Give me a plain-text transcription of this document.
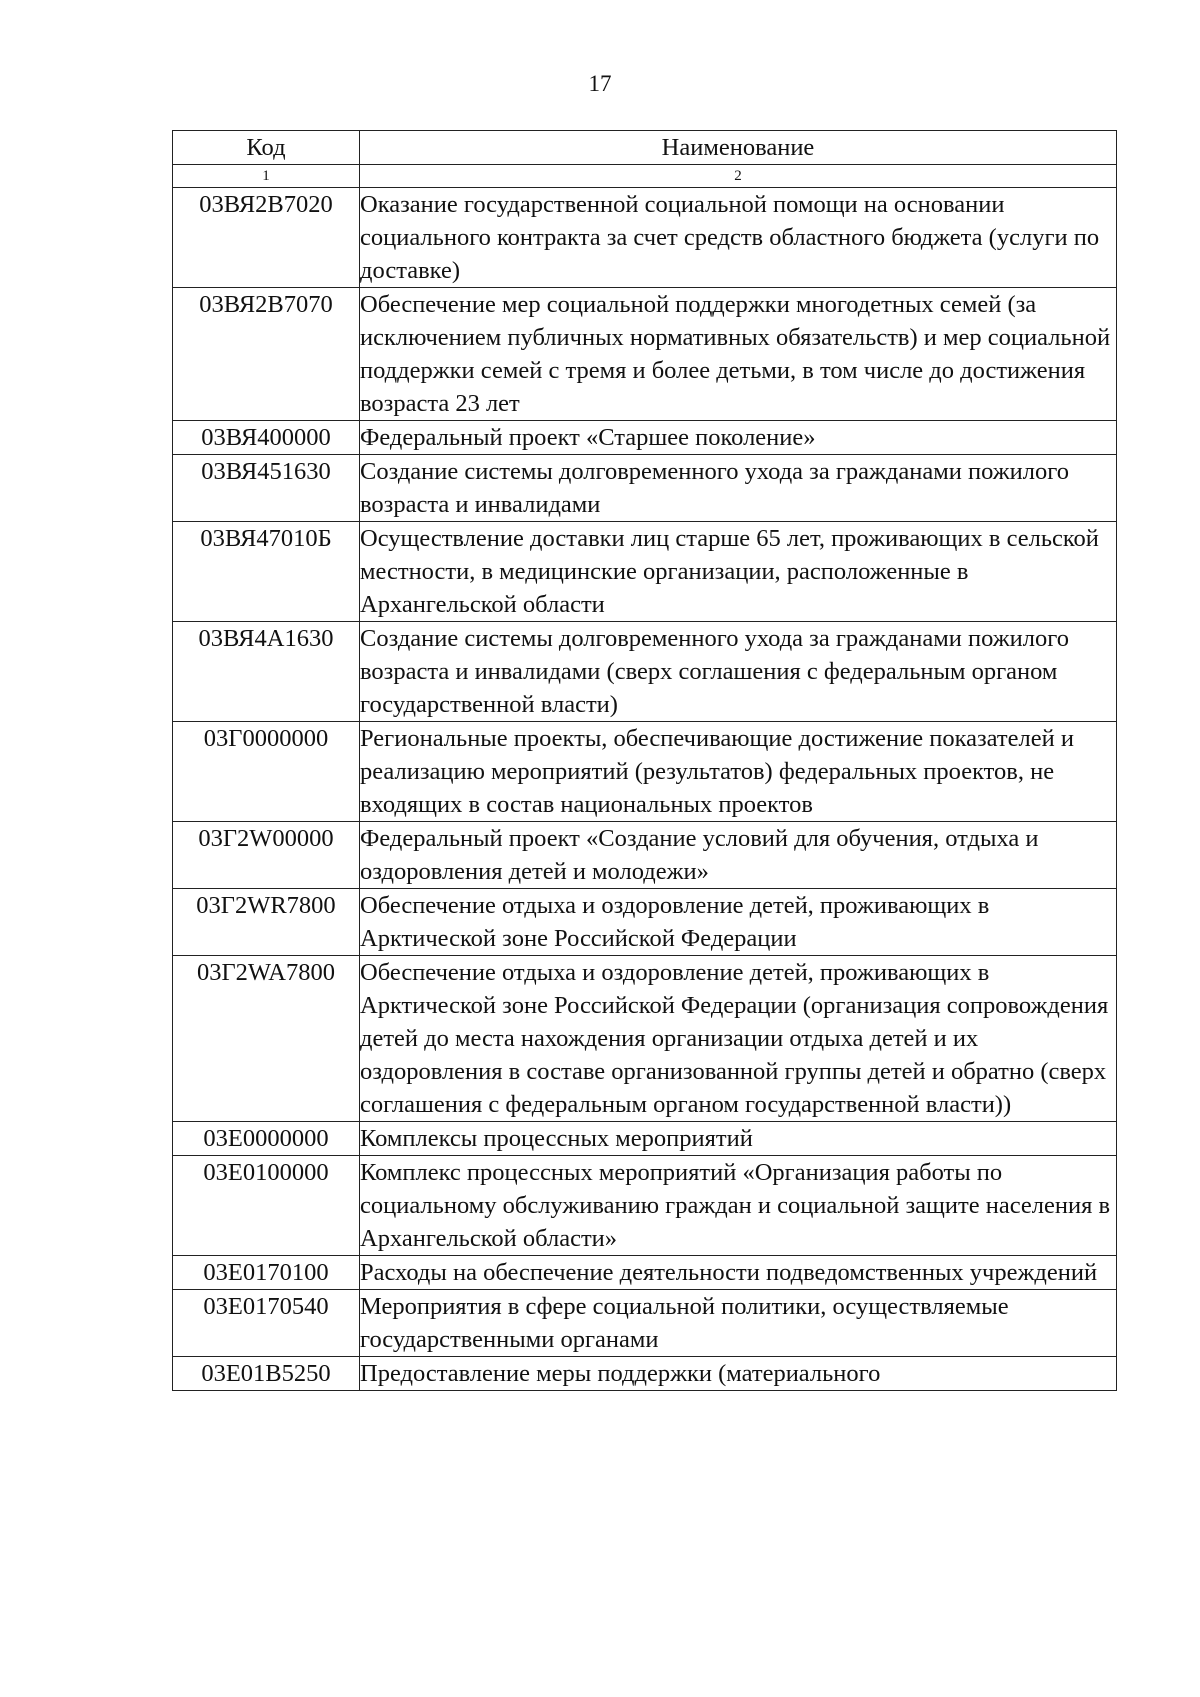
17
Код	Наименование
1	2
03ВЯ2В7020	Оказание государственной социальной помощи на основании социального контракта за счет средств областного бюджета (услуги по доставке)
03ВЯ2В7070	Обеспечение мер социальной поддержки многодетных семей (за исключением публичных нормативных обязательств) и мер социальной поддержки семей с тремя и более детьми, в том числе до достижения возраста 23 лет
03ВЯ400000	Федеральный проект «Старшее поколение»
03ВЯ451630	Создание системы долговременного ухода за гражданами пожилого возраста и инвалидами
03ВЯ47010Б	Осуществление доставки лиц старше 65 лет, проживающих в сельской местности, в медицинские организации, расположенные в Архангельской области
03ВЯ4А1630	Создание системы долговременного ухода за гражданами пожилого возраста и инвалидами (сверх соглашения с федеральным органом государственной власти)
03Г0000000	Региональные проекты, обеспечивающие достижение показателей и реализацию мероприятий (результатов) федеральных проектов, не входящих в состав национальных проектов
03Г2W00000	Федеральный проект «Создание условий для обучения, отдыха и оздоровления детей и молодежи»
03Г2WR7800	Обеспечение отдыха и оздоровление детей, проживающих в Арктической зоне Российской Федерации
03Г2WA7800	Обеспечение отдыха и оздоровление детей, проживающих в Арктической зоне Российской Федерации (организация сопровождения детей до места нахождения организации отдыха детей и их оздоровления в составе организованной группы детей и обратно (сверх соглашения с федеральным органом государственной власти))
03Е0000000	Комплексы процессных мероприятий
03Е0100000	Комплекс процессных мероприятий «Организация работы по социальному обслуживанию граждан и социальной защите населения в Архангельской области»
03Е0170100	Расходы на обеспечение деятельности подведомственных учреждений
03Е0170540	Мероприятия в сфере социальной политики, осуществляемые государственными органами
03Е01В5250	Предоставление меры поддержки (материального
